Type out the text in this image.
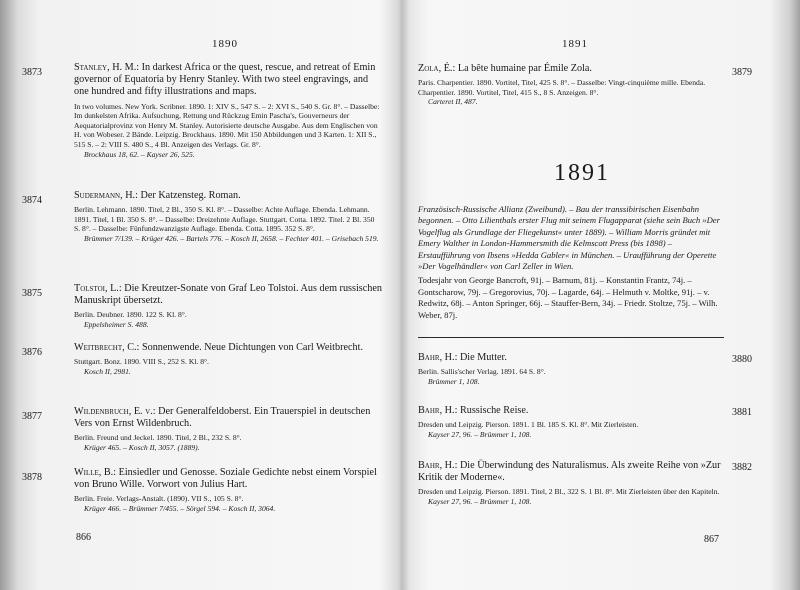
1890
3873	Stanley, H. M.: In darkest Africa or the quest, rescue, and retreat of Emin governor of Equatoria by Henry Stanley. With two steel engravings, and one hundred and fifty illustrations and maps.

In two volumes. New York. Scribner. 1890. 1: XIV S., 547 S. – 2: XVI S., 540 S. Gr. 8°. – Dasselbe: Im dunkelsten Afrika. Aufsuchung, Rettung und Rückzug Emin Pascha's, Gouverneurs der Aequatorialprovinz von Henry M. Stanley. Autorisierte deutsche Ausgabe. Aus dem Englischen von H. von Wobeser. 2 Bände. Leipzig. Brockhaus. 1890. Mit 150 Abbildungen und 3 Karten. 1: XII S., 515 S. – 2: VIII S. 480 S., 4 Bl. Anzeigen des Verlags. Gr. 8°.

Brockhaus 18, 62. – Kayser 26, 525.
3874	Sudermann, H.: Der Katzensteg. Roman.

Berlin. Lehmann. 1890. Titel, 2 Bl., 350 S. Kl. 8°. – Dasselbe: Achte Auflage. Ebenda. Lehmann. 1891. Titel, 1 Bl. 350 S. 8°. – Dasselbe: Dreizehnte Auflage. Stuttgart. Cotta. 1892. Titel. 2 Bl. 350 S. 8°. – Dasselbe: Fünfundzwanzigste Auflage. Ebenda. Cotta. 1895. 352 S. 8°.

Brümmer 7/139. – Krüger 426. – Bartels 776. – Kosch II, 2658. – Fechter 401. – Grisebach 519.
3875	Tolstoi, L.: Die Kreutzer-Sonate von Graf Leo Tolstoi. Aus dem russischen Manuskript übersetzt.

Berlin. Deubner. 1890. 122 S. Kl. 8°.

Eppelsheimer S. 488.
3876	Weitbrecht, C.: Sonnenwende. Neue Dichtungen von Carl Weitbrecht.

Stuttgart. Bonz. 1890. VIII S., 252 S. Kl. 8°.

Kosch II, 2981.
3877	Wildenbruch, E. v.: Der Generalfeldoberst. Ein Trauerspiel in deutschen Vers von Ernst Wildenbruch.

Berlin. Freund und Jeckel. 1890. Titel, 2 Bl., 232 S. 8°.

Krüger 465. – Kosch II, 3057. (1889).
3878	Wille, B.: Einsiedler und Genosse. Soziale Gedichte nebst einem Vorspiel von Bruno Wille. Vorwort von Julius Hart.

Berlin. Freie. Verlags-Anstalt. (1890). VII S., 105 S. 8°.

Krüger 466. – Brümmer 7/455. – Sörgel 594. – Kosch II, 3064.
866
1891
Zola, É.: La bête humaine par Émile Zola.

Paris. Charpentier. 1890. Vortitel, Titel, 425 S. 8°. – Dasselbe: Vingt-cinquième mille. Ebenda. Charpentier. 1890. Vortitel, Titel, 415 S., 8 S. Anzeigen. 8°.

Carteret II, 487.
3879
1891

Französisch-Russische Allianz (Zweibund). – Bau der transsibirischen Eisenbahn begonnen. – Otto Lilienthals erster Flug mit seinem Flugapparat (siehe sein Buch »Der Vogelflug als Grundlage der Fliegekunst« unter 1889). – William Morris gründet mit Emery Walther in London-Hammersmith die Kelmscott Press (bis 1898) – Erstaufführung von Ibsens »Hedda Gabler« in München. – Uraufführung der Operette »Der Vogelhändler« von Carl Zeller in Wien.

Todesjahr von George Bancroft, 91j. – Barnum, 81j. – Konstantin Frantz, 74j. – Gontscharow, 79j. – Gregorovius, 70j. – Lagarde, 64j. – Helmuth v. Moltke, 91j. – v. Redwitz, 68j. – Anton Springer, 66j. – Stauffer-Bern, 34j. – Friedr. Stoltze, 75j. – Wilh. Weber, 87j.

Bahr, H.: Die Mutter.

Berlin. Sallis'scher Verlag. 1891. 64 S. 8°.

Brümmer 1, 108.
3880
Bahr, H.: Russische Reise.

Dresden und Leipzig. Pierson. 1891. 1 Bl. 185 S. Kl. 8°. Mit Zierleisten.

Kayser 27, 96. – Brümmer 1, 108.
3881
Bahr, H.: Die Überwindung des Naturalismus. Als zweite Reihe von »Zur Kritik der Moderne«.

Dresden und Leipzig. Pierson. 1891. Titel, 2 Bl., 322 S. 1 Bl. 8°. Mit Zierleisten über den Kapiteln.

Kayser 27, 96. – Brümmer 1, 108.
3882
867
